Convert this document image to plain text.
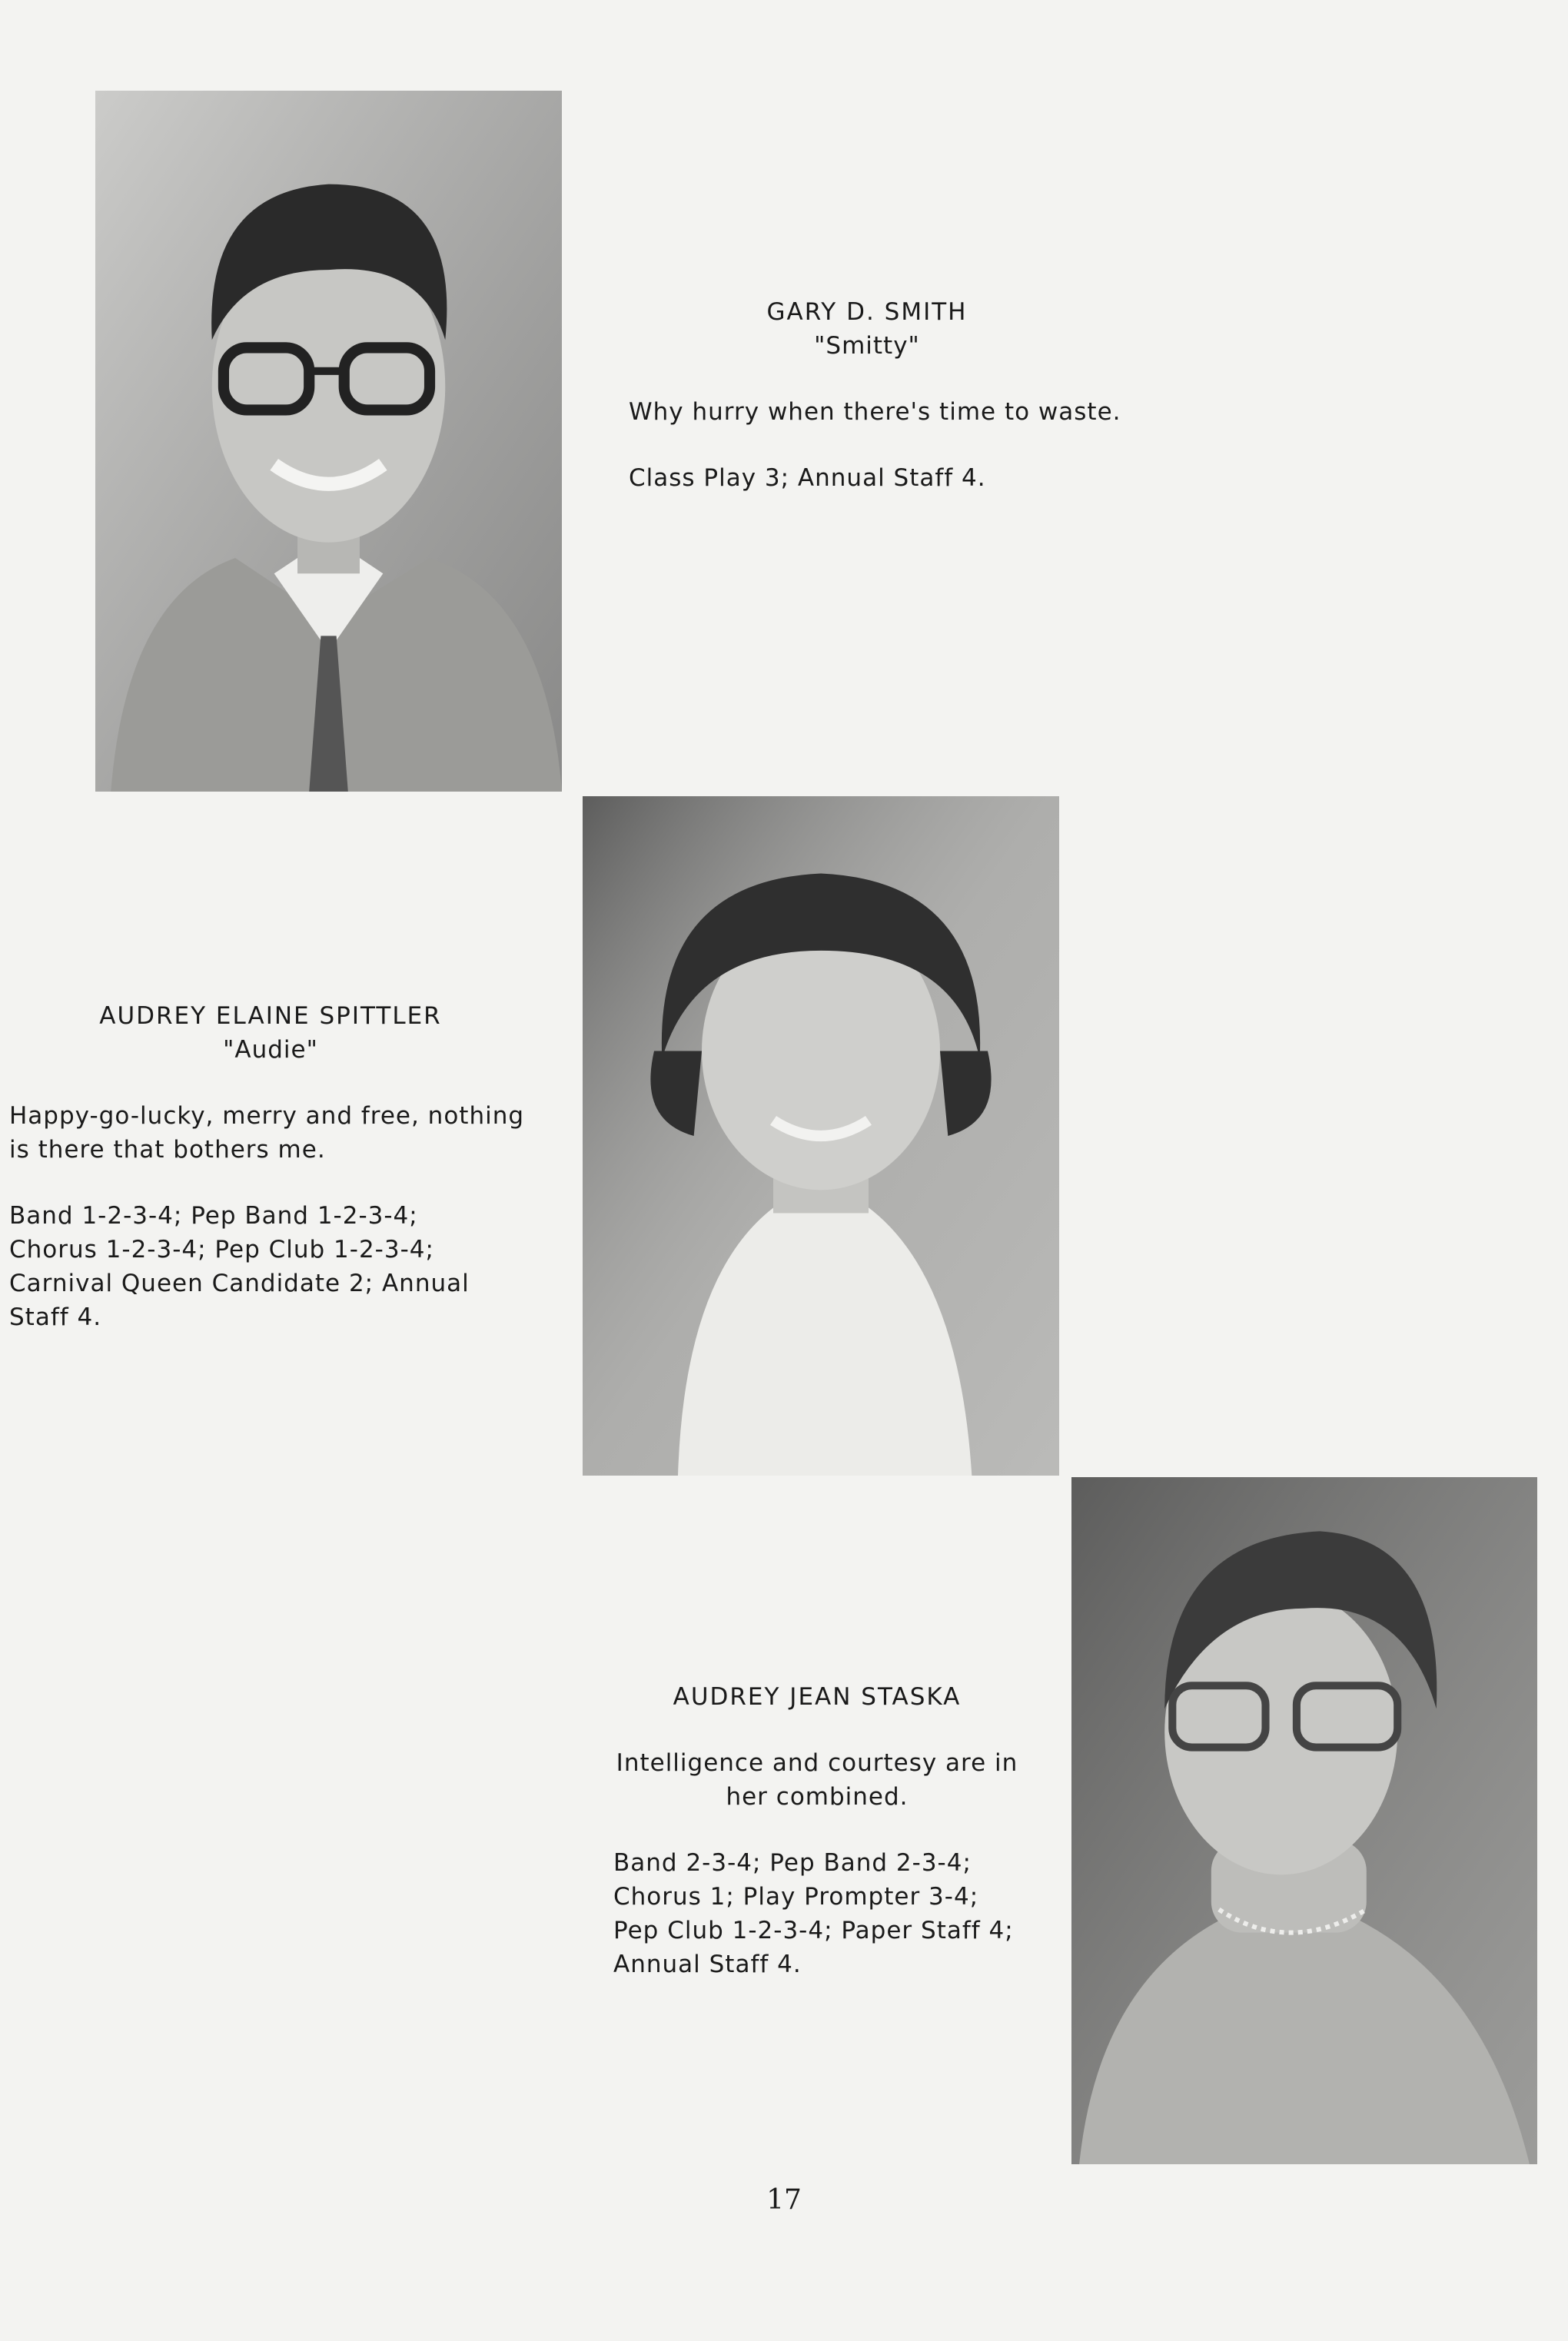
GARY D. SMITH
"Smitty"
Why hurry when there's time to waste.
Class Play 3; Annual Staff 4.
AUDREY ELAINE SPITTLER
"Audie"
Happy-go-lucky, merry and free, nothing
is there that bothers me.
Band 1-2-3-4; Pep Band 1-2-3-4;
Chorus 1-2-3-4; Pep Club 1-2-3-4;
Carnival Queen Candidate 2; Annual
Staff 4.
AUDREY JEAN STASKA
Intelligence and courtesy are in
her combined.
Band 2-3-4; Pep Band 2-3-4;
Chorus 1; Play Prompter 3-4;
Pep Club 1-2-3-4; Paper Staff 4;
Annual Staff 4.
17
